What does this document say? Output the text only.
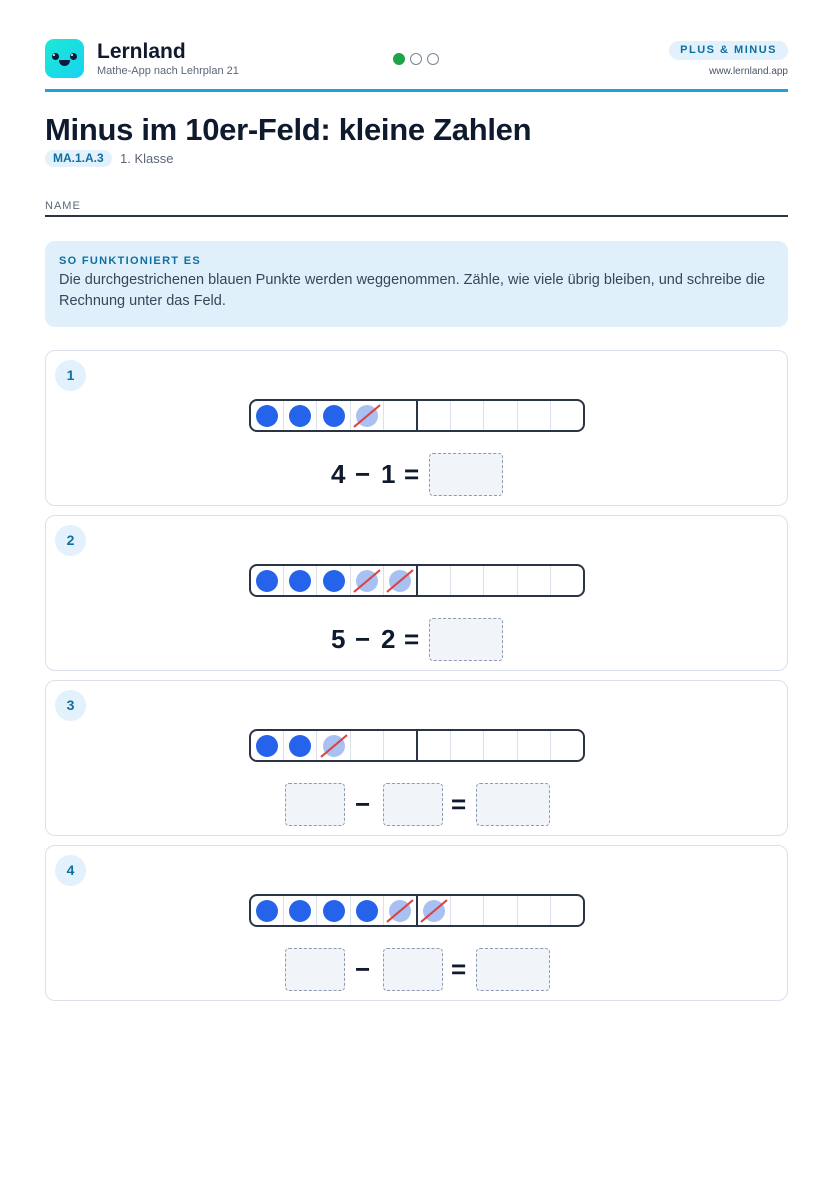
Lernland
Mathe-App nach Lehrplan 21
PLUS & MINUS
www.lernland.app
Minus im 10er-Feld: kleine Zahlen
MA.1.A.3	1. Klasse
NAME
SO FUNKTIONIERT ES

Die durchgestrichenen blauen Punkte werden weggenommen. Zähle, wie viele übrig bleiben, und schreibe die Rechnung unter das Feld.

1
4 − 1 =
2
5 − 2 =
3
−	=
4
−	=
